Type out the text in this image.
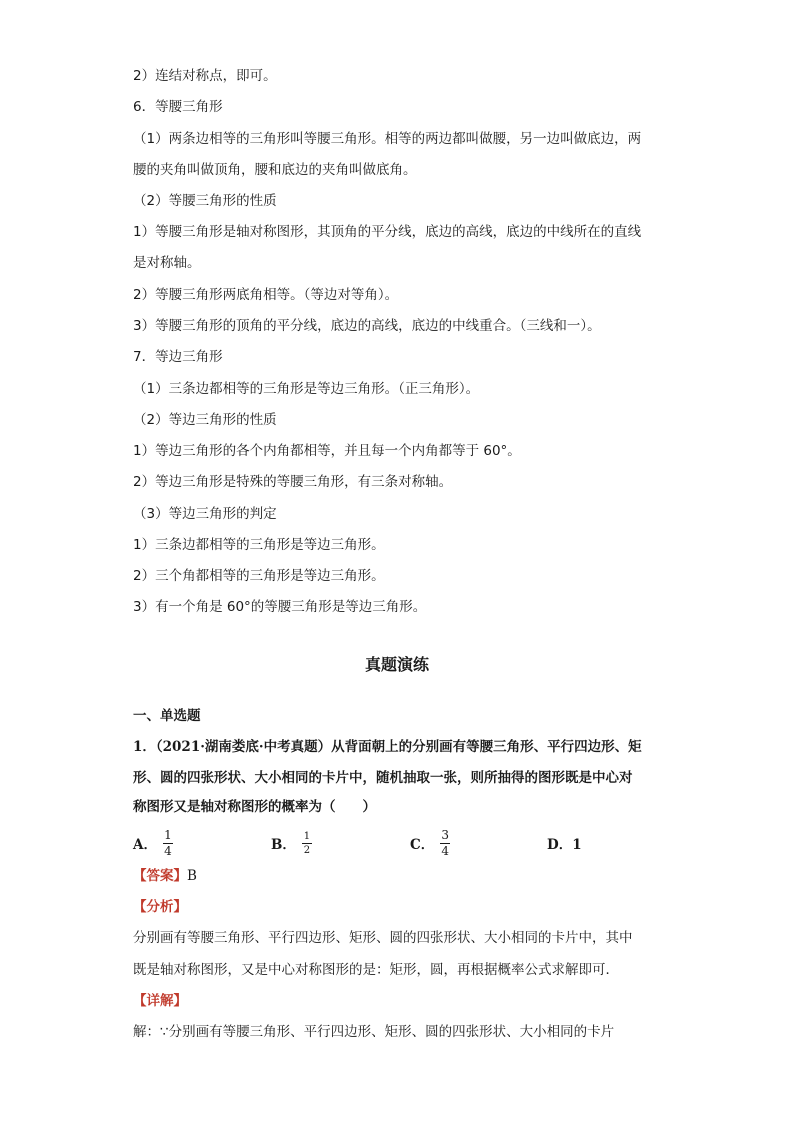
2）连结对称点，即可。
6．等腰三角形
（1）两条边相等的三角形叫等腰三角形。相等的两边都叫做腰，另一边叫做底边，两
腰的夹角叫做顶角，腰和底边的夹角叫做底角。
（2）等腰三角形的性质
1）等腰三角形是轴对称图形，其顶角的平分线，底边的高线，底边的中线所在的直线
是对称轴。
2）等腰三角形两底角相等。（等边对等角）。
3）等腰三角形的顶角的平分线，底边的高线，底边的中线重合。（三线和一）。
7．等边三角形
（1）三条边都相等的三角形是等边三角形。（正三角形）。
（2）等边三角形的性质
1）等边三角形的各个内角都相等，并且每一个内角都等于 60°。
2）等边三角形是特殊的等腰三角形，有三条对称轴。
（3）等边三角形的判定
1）三条边都相等的三角形是等边三角形。
2）三个角都相等的三角形是等边三角形。
3）有一个角是 60°的等腰三角形是等边三角形。
真题演练
一、单选题
1．（2021·湖南娄底·中考真题）从背面朝上的分别画有等腰三角形、平行四边形、矩
形、圆的四张形状、大小相同的卡片中，随机抽取一张，则所抽得的图形既是中心对
称图形又是轴对称图形的概率为（　　）
A． $\frac{1}{4}$	B． $\frac{1}{2}$	C． $\frac{3}{4}$	D．1
【答案】B
【分析】
分别画有等腰三角形、平行四边形、矩形、圆的四张形状、大小相同的卡片中，其中
既是轴对称图形，又是中心对称图形的是：矩形，圆，再根据概率公式求解即可．
【详解】
解：∵分别画有等腰三角形、平行四边形、矩形、圆的四张形状、大小相同的卡片
